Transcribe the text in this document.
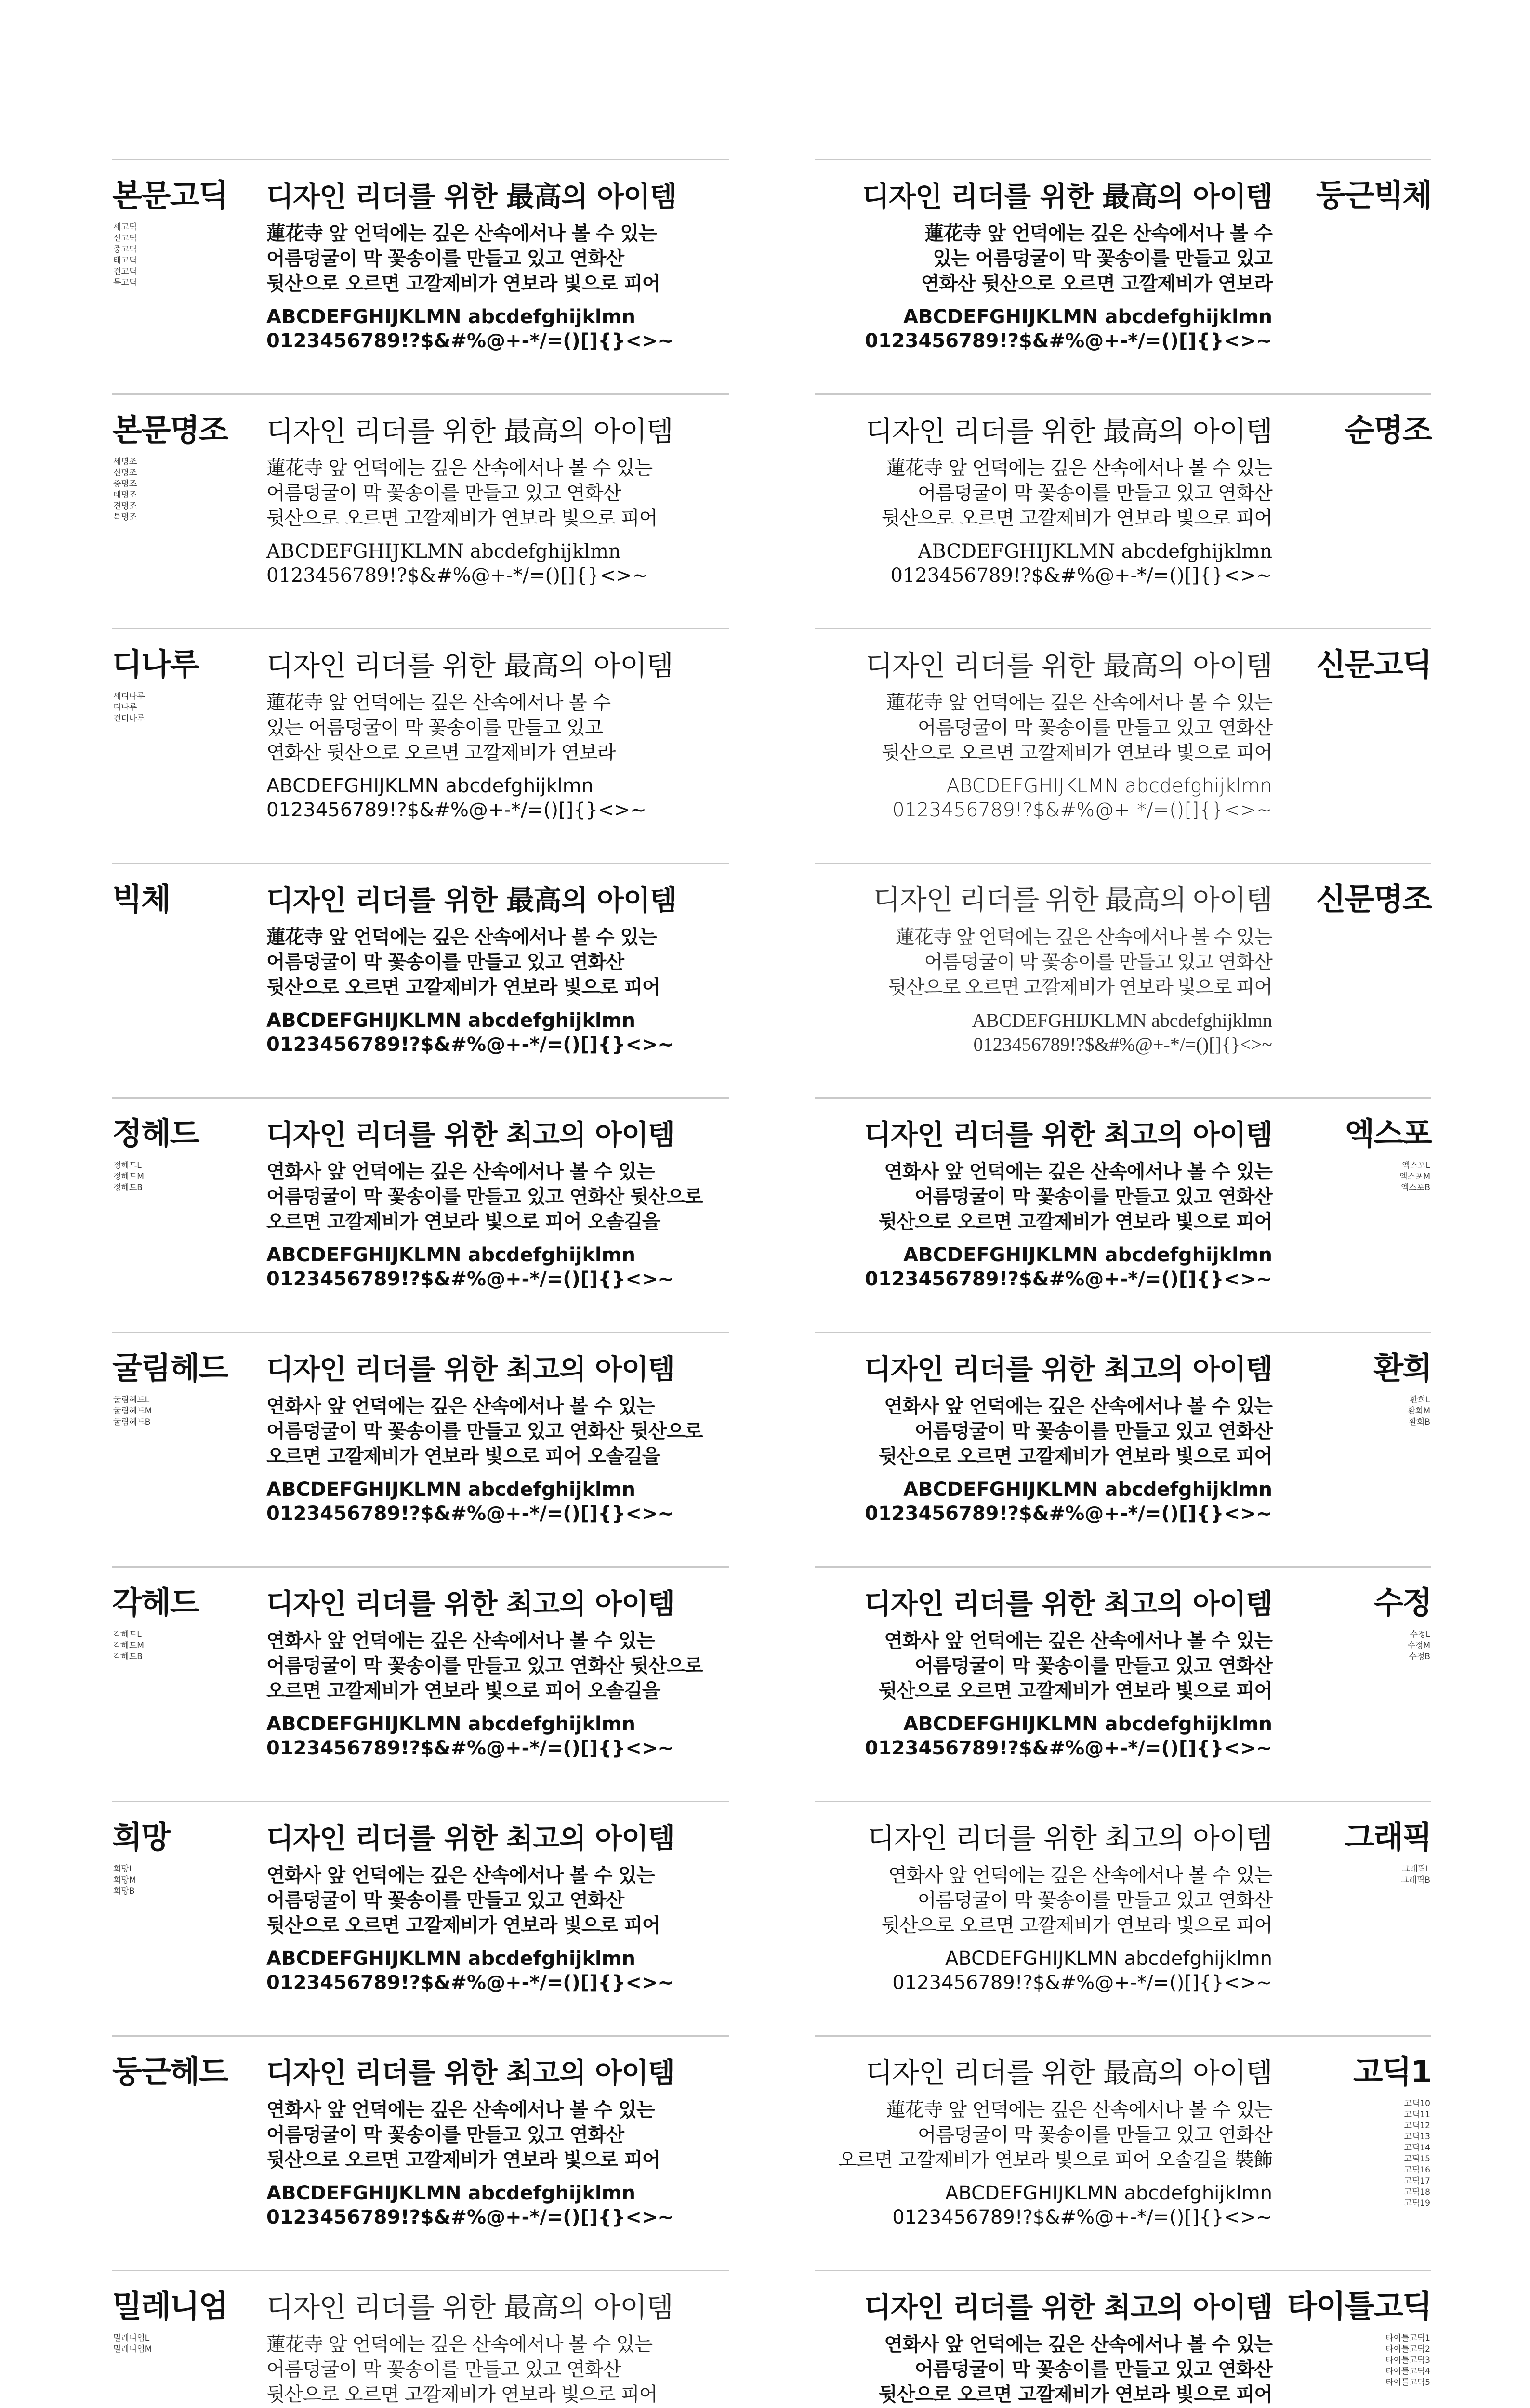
본문고딕
세고딕
신고딕
중고딕
태고딕
견고딕
특고딕
디자인 리더를 위한 最高의 아이템
蓮花寺 앞 언덕에는 깊은 산속에서나 볼 수 있는
어름덩굴이 막 꽃송이를 만들고 있고 연화산
뒷산으로 오르면 고깔제비가 연보라 빛으로 피어
ABCDEFGHIJKLMN abcdefghijklmn
0123456789!?$&#%@+-*/=()[]{}<>~
둥근빅체
디자인 리더를 위한 最高의 아이템
蓮花寺 앞 언덕에는 깊은 산속에서나 볼 수
있는 어름덩굴이 막 꽃송이를 만들고 있고
연화산 뒷산으로 오르면 고깔제비가 연보라
ABCDEFGHIJKLMN abcdefghijklmn
0123456789!?$&#%@+-*/=()[]{}<>~
본문명조
세명조
신명조
중명조
태명조
견명조
특명조
디자인 리더를 위한 最高의 아이템
蓮花寺 앞 언덕에는 깊은 산속에서나 볼 수 있는
어름덩굴이 막 꽃송이를 만들고 있고 연화산
뒷산으로 오르면 고깔제비가 연보라 빛으로 피어
ABCDEFGHIJKLMN abcdefghijklmn
0123456789!?$&#%@+-*/=()[]{}<>~
순명조
디자인 리더를 위한 最高의 아이템
蓮花寺 앞 언덕에는 깊은 산속에서나 볼 수 있는
어름덩굴이 막 꽃송이를 만들고 있고 연화산
뒷산으로 오르면 고깔제비가 연보라 빛으로 피어
ABCDEFGHIJKLMN abcdefghijklmn
0123456789!?$&#%@+-*/=()[]{}<>~
디나루
세디나루
디나루
견디나루
디자인 리더를 위한 最高의 아이템
蓮花寺 앞 언덕에는 깊은 산속에서나 볼 수
있는 어름덩굴이 막 꽃송이를 만들고 있고
연화산 뒷산으로 오르면 고깔제비가 연보라
ABCDEFGHIJKLMN abcdefghijklmn
0123456789!?$&#%@+-*/=()[]{}<>~
신문고딕
디자인 리더를 위한 最高의 아이템
蓮花寺 앞 언덕에는 깊은 산속에서나 볼 수 있는
어름덩굴이 막 꽃송이를 만들고 있고 연화산
뒷산으로 오르면 고깔제비가 연보라 빛으로 피어
ABCDEFGHIJKLMN abcdefghijklmn
0123456789!?$&#%@+-*/=()[]{}<>~
빅체	디자인 리더를 위한 最高의 아이템
蓮花寺 앞 언덕에는 깊은 산속에서나 볼 수 있는
어름덩굴이 막 꽃송이를 만들고 있고 연화산
뒷산으로 오르면 고깔제비가 연보라 빛으로 피어
ABCDEFGHIJKLMN abcdefghijklmn
0123456789!?$&#%@+-*/=()[]{}<>~
신문명조
디자인 리더를 위한 最高의 아이템
蓮花寺 앞 언덕에는 깊은 산속에서나 볼 수 있는
어름덩굴이 막 꽃송이를 만들고 있고 연화산
뒷산으로 오르면 고깔제비가 연보라 빛으로 피어
ABCDEFGHIJKLMN abcdefghijklmn
0123456789!?$&#%@+-*/=()[]{}<>~
정헤드
정헤드L
정헤드M
정헤드B
디자인 리더를 위한 최고의 아이템
연화사 앞 언덕에는 깊은 산속에서나 볼 수 있는
어름덩굴이 막 꽃송이를 만들고 있고 연화산 뒷산으로
오르면 고깔제비가 연보라 빛으로 피어 오솔길을
ABCDEFGHIJKLMN abcdefghijklmn
0123456789!?$&#%@+-*/=()[]{}<>~
엑스포
엑스포L
엑스포M
엑스포B
디자인 리더를 위한 최고의 아이템
연화사 앞 언덕에는 깊은 산속에서나 볼 수 있는
어름덩굴이 막 꽃송이를 만들고 있고 연화산
뒷산으로 오르면 고깔제비가 연보라 빛으로 피어
ABCDEFGHIJKLMN abcdefghijklmn
0123456789!?$&#%@+-*/=()[]{}<>~
굴림헤드
굴림헤드L
굴림헤드M
굴림헤드B
디자인 리더를 위한 최고의 아이템
연화사 앞 언덕에는 깊은 산속에서나 볼 수 있는
어름덩굴이 막 꽃송이를 만들고 있고 연화산 뒷산으로
오르면 고깔제비가 연보라 빛으로 피어 오솔길을
ABCDEFGHIJKLMN abcdefghijklmn
0123456789!?$&#%@+-*/=()[]{}<>~
환희
환희L
환희M
환희B
디자인 리더를 위한 최고의 아이템
연화사 앞 언덕에는 깊은 산속에서나 볼 수 있는
어름덩굴이 막 꽃송이를 만들고 있고 연화산
뒷산으로 오르면 고깔제비가 연보라 빛으로 피어
ABCDEFGHIJKLMN abcdefghijklmn
0123456789!?$&#%@+-*/=()[]{}<>~
각헤드
각헤드L
각헤드M
각헤드B
디자인 리더를 위한 최고의 아이템
연화사 앞 언덕에는 깊은 산속에서나 볼 수 있는
어름덩굴이 막 꽃송이를 만들고 있고 연화산 뒷산으로
오르면 고깔제비가 연보라 빛으로 피어 오솔길을
ABCDEFGHIJKLMN abcdefghijklmn
0123456789!?$&#%@+-*/=()[]{}<>~
수정
수정L
수정M
수정B
디자인 리더를 위한 최고의 아이템
연화사 앞 언덕에는 깊은 산속에서나 볼 수 있는
어름덩굴이 막 꽃송이를 만들고 있고 연화산
뒷산으로 오르면 고깔제비가 연보라 빛으로 피어
ABCDEFGHIJKLMN abcdefghijklmn
0123456789!?$&#%@+-*/=()[]{}<>~
희망
희망L
희망M
희망B
디자인 리더를 위한 최고의 아이템
연화사 앞 언덕에는 깊은 산속에서나 볼 수 있는
어름덩굴이 막 꽃송이를 만들고 있고 연화산
뒷산으로 오르면 고깔제비가 연보라 빛으로 피어
ABCDEFGHIJKLMN abcdefghijklmn
0123456789!?$&#%@+-*/=()[]{}<>~
그래픽
그래픽L
그래픽B
디자인 리더를 위한 최고의 아이템
연화사 앞 언덕에는 깊은 산속에서나 볼 수 있는
어름덩굴이 막 꽃송이를 만들고 있고 연화산
뒷산으로 오르면 고깔제비가 연보라 빛으로 피어
ABCDEFGHIJKLMN abcdefghijklmn
0123456789!?$&#%@+-*/=()[]{}<>~
둥근헤드 디자인 리더를 위한 최고의 아이템
연화사 앞 언덕에는 깊은 산속에서나 볼 수 있는
어름덩굴이 막 꽃송이를 만들고 있고 연화산
뒷산으로 오르면 고깔제비가 연보라 빛으로 피어
ABCDEFGHIJKLMN abcdefghijklmn
0123456789!?$&#%@+-*/=()[]{}<>~
고딕1
고딕10
고딕11
고딕12
고딕13
고딕14
고딕15
고딕16
고딕17
고딕18
고딕19
디자인 리더를 위한 最高의 아이템
蓮花寺 앞 언덕에는 깊은 산속에서나 볼 수 있는
어름덩굴이 막 꽃송이를 만들고 있고 연화산
오르면 고깔제비가 연보라 빛으로 피어 오솔길을 裝飾
ABCDEFGHIJKLMN abcdefghijklmn
0123456789!?$&#%@+-*/=()[]{}<>~
밀레니엄
밀레니엄L
밀레니엄M
디자인 리더를 위한 最高의 아이템
蓮花寺 앞 언덕에는 깊은 산속에서나 볼 수 있는
어름덩굴이 막 꽃송이를 만들고 있고 연화산
뒷산으로 오르면 고깔제비가 연보라 빛으로 피어
타이틀고딕
타이틀고딕1
타이틀고딕2
타이틀고딕3
타이틀고딕4
타이틀고딕5
디자인 리더를 위한 최고의 아이템
연화사 앞 언덕에는 깊은 산속에서나 볼 수 있는
어름덩굴이 막 꽃송이를 만들고 있고 연화산
뒷산으로 오르면 고깔제비가 연보라 빛으로 피어
